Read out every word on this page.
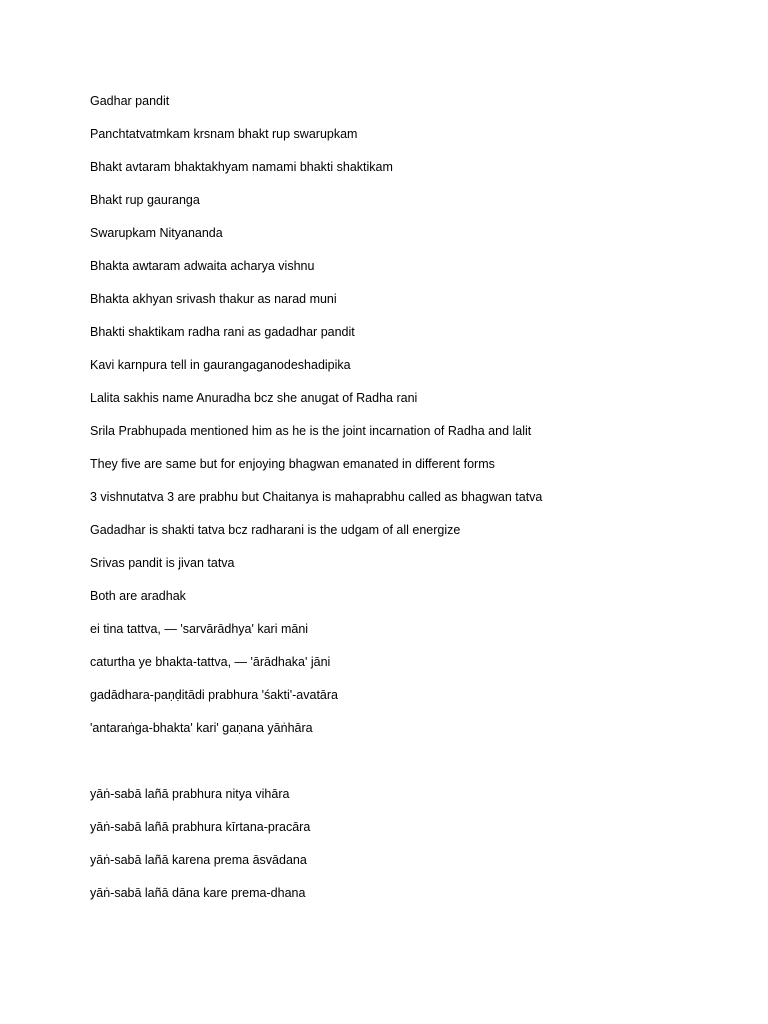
Gadhar pandit
Panchtatvatmkam krsnam bhakt rup swarupkam
Bhakt avtaram bhaktakhyam namami bhakti shaktikam
Bhakt rup gauranga
Swarupkam Nityananda
Bhakta awtaram adwaita acharya vishnu
Bhakta akhyan srivash thakur as narad muni
Bhakti shaktikam radha rani as gadadhar pandit
Kavi karnpura tell in gaurangaganodeshadipika
Lalita sakhis name Anuradha bcz she anugat of Radha rani
Srila Prabhupada mentioned him as he is the joint incarnation of Radha and lalit
They five are same but for enjoying bhagwan emanated in different forms
3 vishnutatva 3 are prabhu but Chaitanya is mahaprabhu called as bhagwan tatva
Gadadhar is shakti tatva bcz radharani is the udgam of all energize
Srivas pandit is jivan tatva
Both are aradhak
ei tina tattva, — 'sarvārādhya' kari māni
caturtha ye bhakta-tattva, — 'ārādhaka' jāni
gadādhara-paṇḍitādi prabhura 'śakti'-avatāra
'antaraṅga-bhakta' kari' gaṇana yāṅhāra
yāṅ-sabā lañā prabhura nitya vihāra
yāṅ-sabā lañā prabhura kīrtana-pracāra
yāṅ-sabā lañā karena prema āsvādana
yāṅ-sabā lañā dāna kare prema-dhana
